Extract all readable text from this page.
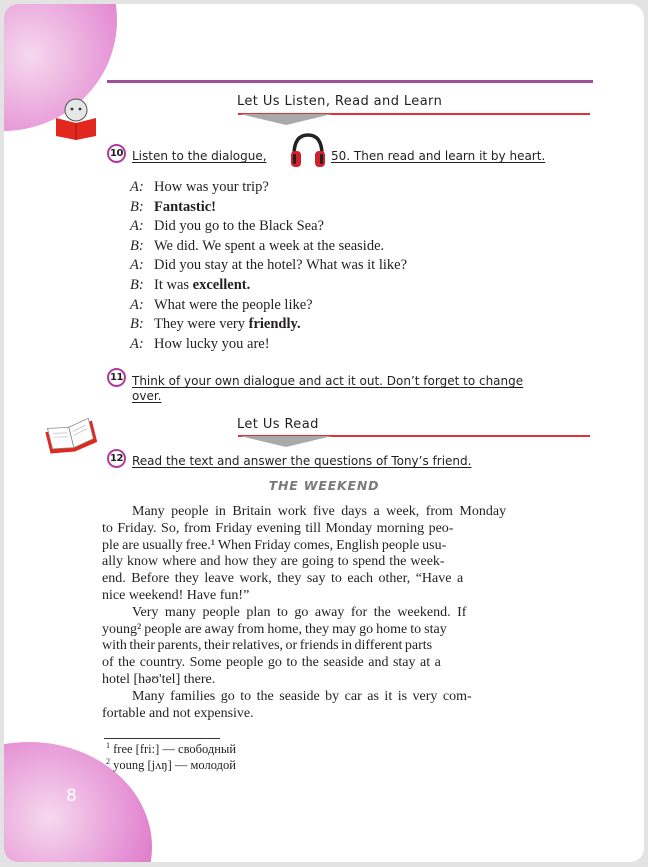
Let Us Listen, Read and Learn
10 Listen to the dialogue,	50. Then read and learn it by heart.
A: How was your trip?
B: Fantastic!
A: Did you go to the Black Sea?
B: We did. We spent a week at the seaside.
A: Did you stay at the hotel? What was it like?
B: It was excellent.
A: What were the people like?
B: They were very friendly.
A: How lucky you are!
11 Think of your own dialogue and act it out. Don’t forget to change
over.
Let Us Read
12 Read the text and answer the questions of Tony’s friend.
THE WEEKEND
Many people in Britain work five days a week, from Monday
to Friday. So, from Friday evening till Monday morning peo-
ple are usually free.¹ When Friday comes, English people usu-
ally know where and how they are going to spend the week-
end. Before they leave work, they say to each other, “Have a
nice weekend! Have fun!”
Very many people plan to go away for the weekend. If
young² people are away from home, they may go home to stay
with their parents, their relatives, or friends in different parts
of the country. Some people go to the seaside and stay at a
hotel [həʊ'tel] there.
Many families go to the seaside by car as it is very com-
fortable and not expensive.
$^1$ free [fri:] — свободный
$^2$ young [jʌŋ] — молодой
8
